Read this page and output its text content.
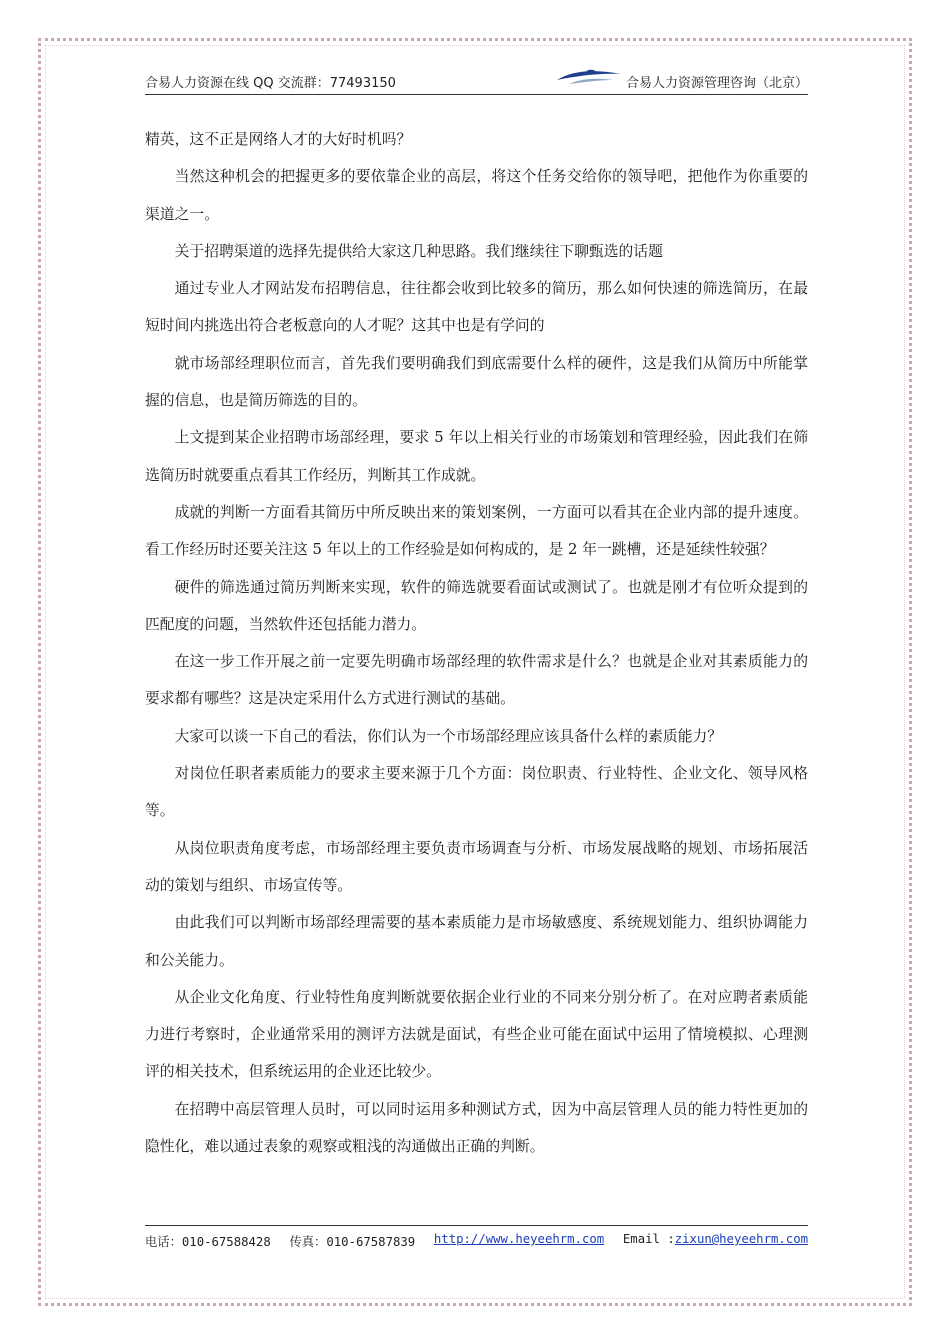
合易人力资源在线 QQ 交流群：77493150	合易人力资源管理咨询（北京）

精英，这不正是网络人才的大好时机吗？

当然这种机会的把握更多的要依靠企业的高层，将这个任务交给你的领导吧，把他作为你重要的渠道之一。

关于招聘渠道的选择先提供给大家这几种思路。我们继续往下聊甄选的话题

通过专业人才网站发布招聘信息，往往都会收到比较多的简历，那么如何快速的筛选简历，在最短时间内挑选出符合老板意向的人才呢？这其中也是有学问的

就市场部经理职位而言，首先我们要明确我们到底需要什么样的硬件，这是我们从简历中所能掌握的信息，也是简历筛选的目的。

上文提到某企业招聘市场部经理，要求 5 年以上相关行业的市场策划和管理经验，因此我们在筛选简历时就要重点看其工作经历，判断其工作成就。

成就的判断一方面看其简历中所反映出来的策划案例，一方面可以看其在企业内部的提升速度。看工作经历时还要关注这 5 年以上的工作经验是如何构成的，是 2 年一跳槽，还是延续性较强？

硬件的筛选通过简历判断来实现，软件的筛选就要看面试或测试了。也就是刚才有位听众提到的匹配度的问题，当然软件还包括能力潜力。

在这一步工作开展之前一定要先明确市场部经理的软件需求是什么？也就是企业对其素质能力的要求都有哪些？这是决定采用什么方式进行测试的基础。

大家可以谈一下自己的看法，你们认为一个市场部经理应该具备什么样的素质能力？

对岗位任职者素质能力的要求主要来源于几个方面：岗位职责、行业特性、企业文化、领导风格等。

从岗位职责角度考虑，市场部经理主要负责市场调查与分析、市场发展战略的规划、市场拓展活动的策划与组织、市场宣传等。

由此我们可以判断市场部经理需要的基本素质能力是市场敏感度、系统规划能力、组织协调能力和公关能力。

从企业文化角度、行业特性角度判断就要依据企业行业的不同来分别分析了。在对应聘者素质能力进行考察时，企业通常采用的测评方法就是面试，有些企业可能在面试中运用了情境模拟、心理测评的相关技术，但系统运用的企业还比较少。

在招聘中高层管理人员时，可以同时运用多种测试方式，因为中高层管理人员的能力特性更加的隐性化，难以通过表象的观察或粗浅的沟通做出正确的判断。

电话：010-67588428 传真：010-67587839 http://www.heyeehrm.com Email :zixun@heyeehrm.com
